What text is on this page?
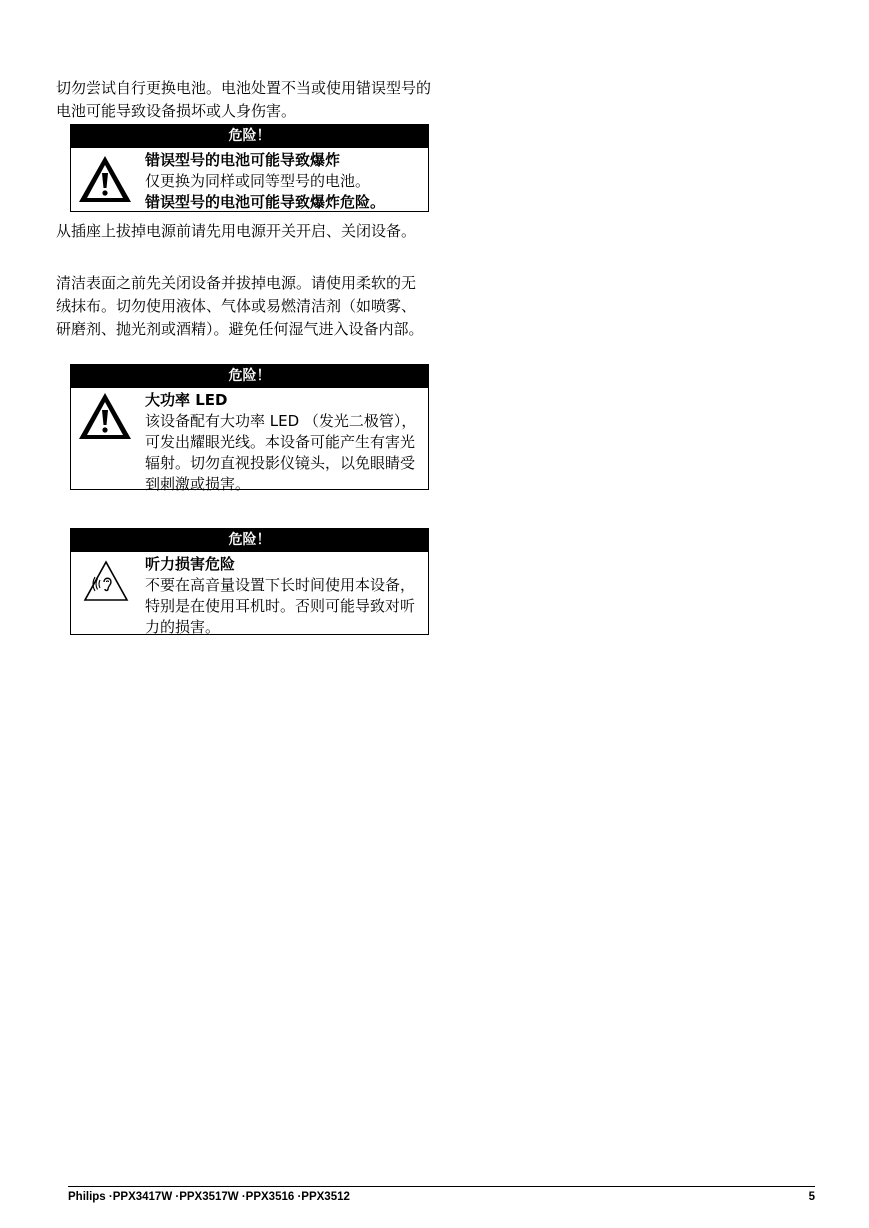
切勿尝试自行更换电池。电池处置不当或使用错误型号的电池可能导致设备损坏或人身伤害。

危险！
错误型号的电池可能导致爆炸
仅更换为同样或同等型号的电池。
错误型号的电池可能导致爆炸危险。

从插座上拔掉电源前请先用电源开关开启、关闭设备。

清洁表面之前先关闭设备并拔掉电源。请使用柔软的无绒抹布。切勿使用液体、气体或易燃清洁剂（如喷雾、研磨剂、抛光剂或酒精）。避免任何湿气进入设备内部。

危险！
大功率 LED
该设备配有大功率 LED （发光二极管），可发出耀眼光线。本设备可能产生有害光辐射。切勿直视投影仪镜头，以免眼睛受到刺激或损害。
危险！
听力损害危险
不要在高音量设置下长时间使用本设备，特别是在使用耳机时。否则可能导致对听力的损害。
Philips ·PPX3417W ·PPX3517W ·PPX3516 ·PPX3512	5
